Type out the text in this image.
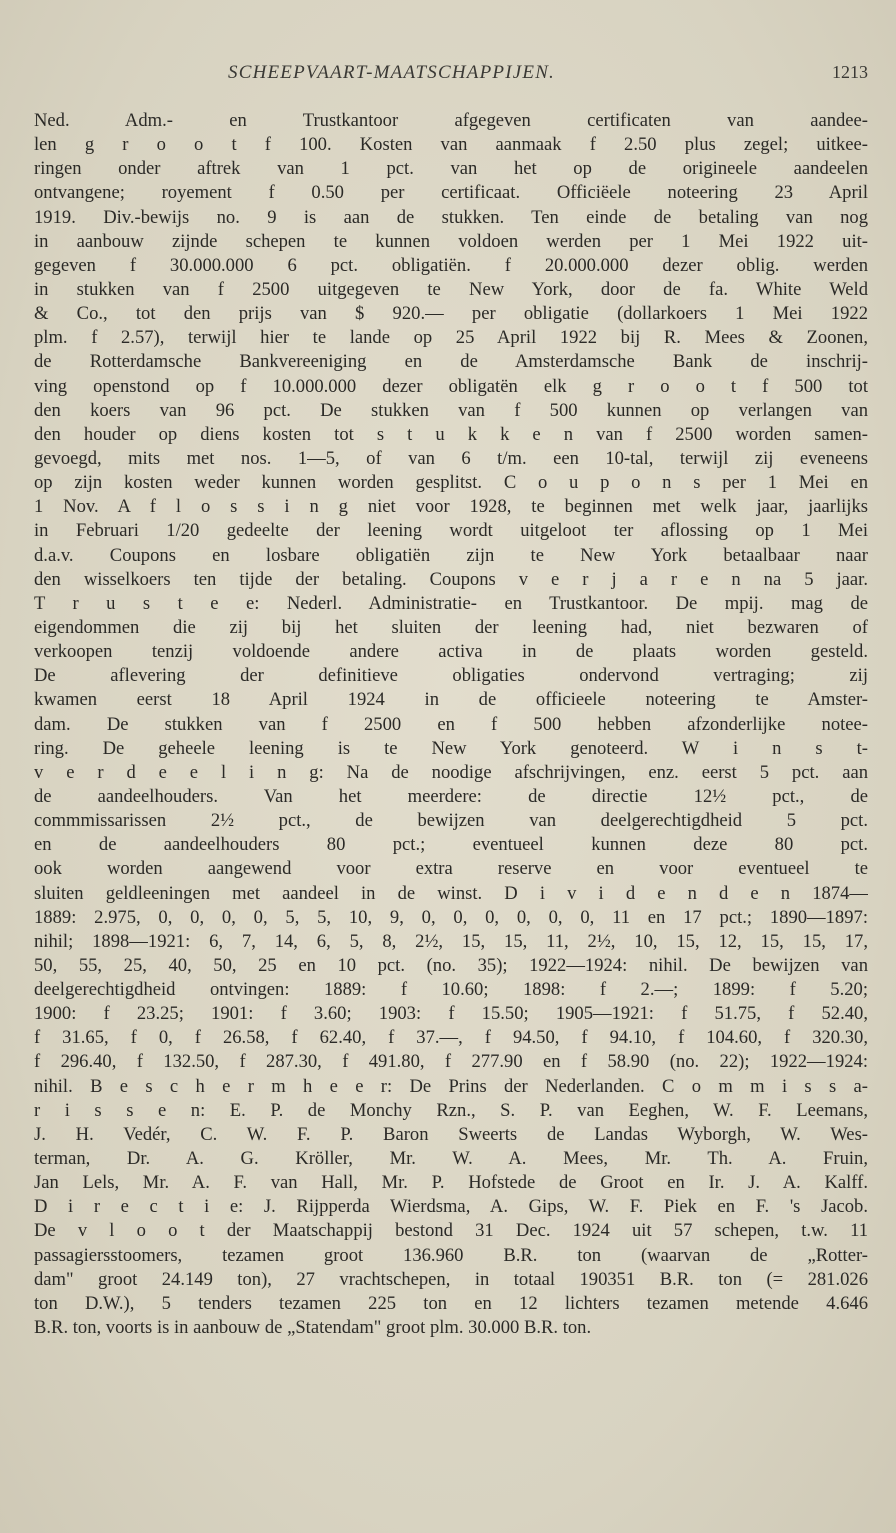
SCHEEPVAART-MAATSCHAPPIJEN.	1213
Ned. Adm.- en Trustkantoor afgegeven certificaten van aandee-
len g r o o t f 100. Kosten van aanmaak f 2.50 plus zegel; uitkee-
ringen onder aftrek van 1 pct. van het op de origineele aandeelen
ontvangene; royement f 0.50 per certificaat. Officiëele noteering 23 April
1919. Div.-bewijs no. 9 is aan de stukken. Ten einde de betaling van nog
in aanbouw zijnde schepen te kunnen voldoen werden per 1 Mei 1922 uit-
gegeven f 30.000.000 6 pct. obligatiën. f 20.000.000 dezer oblig. werden
in stukken van f 2500 uitgegeven te New York, door de fa. White Weld
& Co., tot den prijs van $ 920.— per obligatie (dollarkoers 1 Mei 1922
plm. f 2.57), terwijl hier te lande op 25 April 1922 bij R. Mees & Zoonen,
de Rotterdamsche Bankvereeniging en de Amsterdamsche Bank de inschrij-
ving openstond op f 10.000.000 dezer obligatën elk g r o o t f 500 tot
den koers van 96 pct. De stukken van f 500 kunnen op verlangen van
den houder op diens kosten tot s t u k k e n van f 2500 worden samen-
gevoegd, mits met nos. 1—5, of van 6 t/m. een 10-tal, terwijl zij eveneens
op zijn kosten weder kunnen worden gesplitst. C o u p o n s per 1 Mei en
1 Nov. A f l o s s i n g niet voor 1928, te beginnen met welk jaar, jaarlijks
in Februari 1/20 gedeelte der leening wordt uitgeloot ter aflossing op 1 Mei
d.a.v. Coupons en losbare obligatiën zijn te New York betaalbaar naar
den wisselkoers ten tijde der betaling. Coupons v e r j a r e n na 5 jaar.
T r u s t e e: Nederl. Administratie- en Trustkantoor. De mpij. mag de
eigendommen die zij bij het sluiten der leening had, niet bezwaren of
verkoopen tenzij voldoende andere activa in de plaats worden gesteld.
De aflevering der definitieve obligaties ondervond vertraging; zij
kwamen eerst 18 April 1924 in de officieele noteering te Amster-
dam. De stukken van f 2500 en f 500 hebben afzonderlijke notee-
ring. De geheele leening is te New York genoteerd. W i n s t-
v e r d e e l i n g: Na de noodige afschrijvingen, enz. eerst 5 pct. aan
de aandeelhouders. Van het meerdere: de directie 12½ pct., de
commmissarissen 2½ pct., de bewijzen van deelgerechtigdheid 5 pct.
en de aandeelhouders 80 pct.; eventueel kunnen deze 80 pct.
ook worden aangewend voor extra reserve en voor eventueel te
sluiten geldleeningen met aandeel in de winst. D i v i d e n d e n 1874—
1889: 2.975, 0, 0, 0, 0, 5, 5, 10, 9, 0, 0, 0, 0, 0, 0, 11 en 17 pct.; 1890—1897:
nihil; 1898—1921: 6, 7, 14, 6, 5, 8, 2½, 15, 15, 11, 2½, 10, 15, 12, 15, 15, 17,
50, 55, 25, 40, 50, 25 en 10 pct. (no. 35); 1922—1924: nihil. De bewijzen van
deelgerechtigdheid ontvingen: 1889: f 10.60; 1898: f 2.—; 1899: f 5.20;
1900: f 23.25; 1901: f 3.60; 1903: f 15.50; 1905—1921: f 51.75, f 52.40,
f 31.65, f 0, f 26.58, f 62.40, f 37.—, f 94.50, f 94.10, f 104.60, f 320.30,
f 296.40, f 132.50, f 287.30, f 491.80, f 277.90 en f 58.90 (no. 22); 1922—1924:
nihil. B e s c h e r m h e e r: De Prins der Nederlanden. C o m m i s s a-
r i s s e n: E. P. de Monchy Rzn., S. P. van Eeghen, W. F. Leemans,
J. H. Vedér, C. W. F. P. Baron Sweerts de Landas Wyborgh, W. Wes-
terman, Dr. A. G. Kröller, Mr. W. A. Mees, Mr. Th. A. Fruin,
Jan Lels, Mr. A. F. van Hall, Mr. P. Hofstede de Groot en Ir. J. A. Kalff.
D i r e c t i e: J. Rijpperda Wierdsma, A. Gips, W. F. Piek en F. 's Jacob.
De v l o o t der Maatschappij bestond 31 Dec. 1924 uit 57 schepen, t.w. 11
passagiersstoomers, tezamen groot 136.960 B.R. ton (waarvan de „Rotter-
dam" groot 24.149 ton), 27 vrachtschepen, in totaal 190351 B.R. ton (= 281.026
ton D.W.), 5 tenders tezamen 225 ton en 12 lichters tezamen metende 4.646
B.R. ton, voorts is in aanbouw de „Statendam" groot plm. 30.000 B.R. ton.
